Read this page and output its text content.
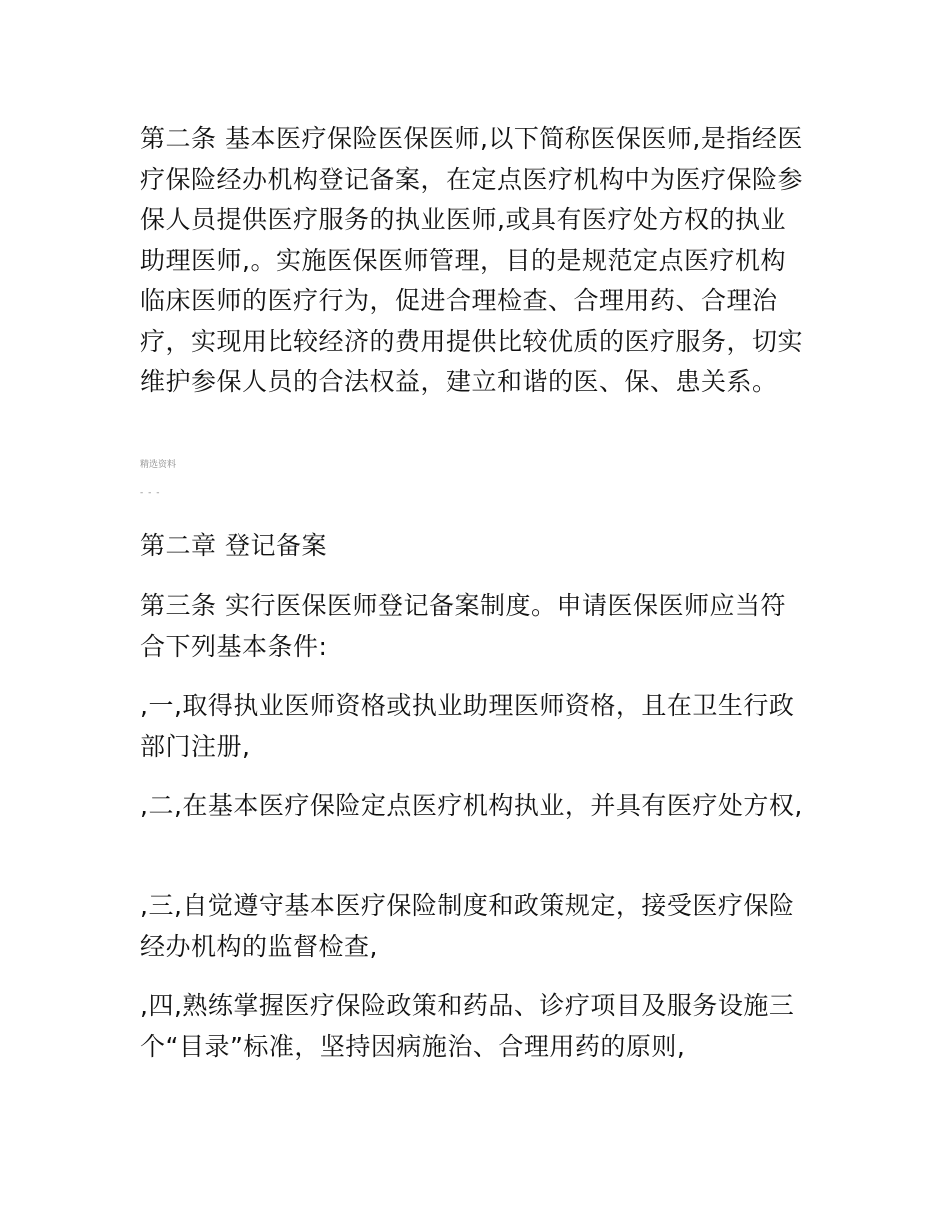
第二条 基本医疗保险医保医师,以下简称医保医师,是指经医疗保险经办机构登记备案，在定点医疗机构中为医疗保险参保人员提供医疗服务的执业医师,或具有医疗处方权的执业助理医师,。实施医保医师管理，目的是规范定点医疗机构临床医师的医疗行为，促进合理检查、合理用药、合理治疗，实现用比较经济的费用提供比较优质的医疗服务，切实维护参保人员的合法权益，建立和谐的医、保、患关系。

精选资料

- - -

第二章 登记备案

第三条 实行医保医师登记备案制度。申请医保医师应当符合下列基本条件:

,一,取得执业医师资格或执业助理医师资格，且在卫生行政部门注册,

,二,在基本医疗保险定点医疗机构执业，并具有医疗处方权,

,三,自觉遵守基本医疗保险制度和政策规定，接受医疗保险经办机构的监督检查,

,四,熟练掌握医疗保险政策和药品、诊疗项目及服务设施三个“目录”标准，坚持因病施治、合理用药的原则,
